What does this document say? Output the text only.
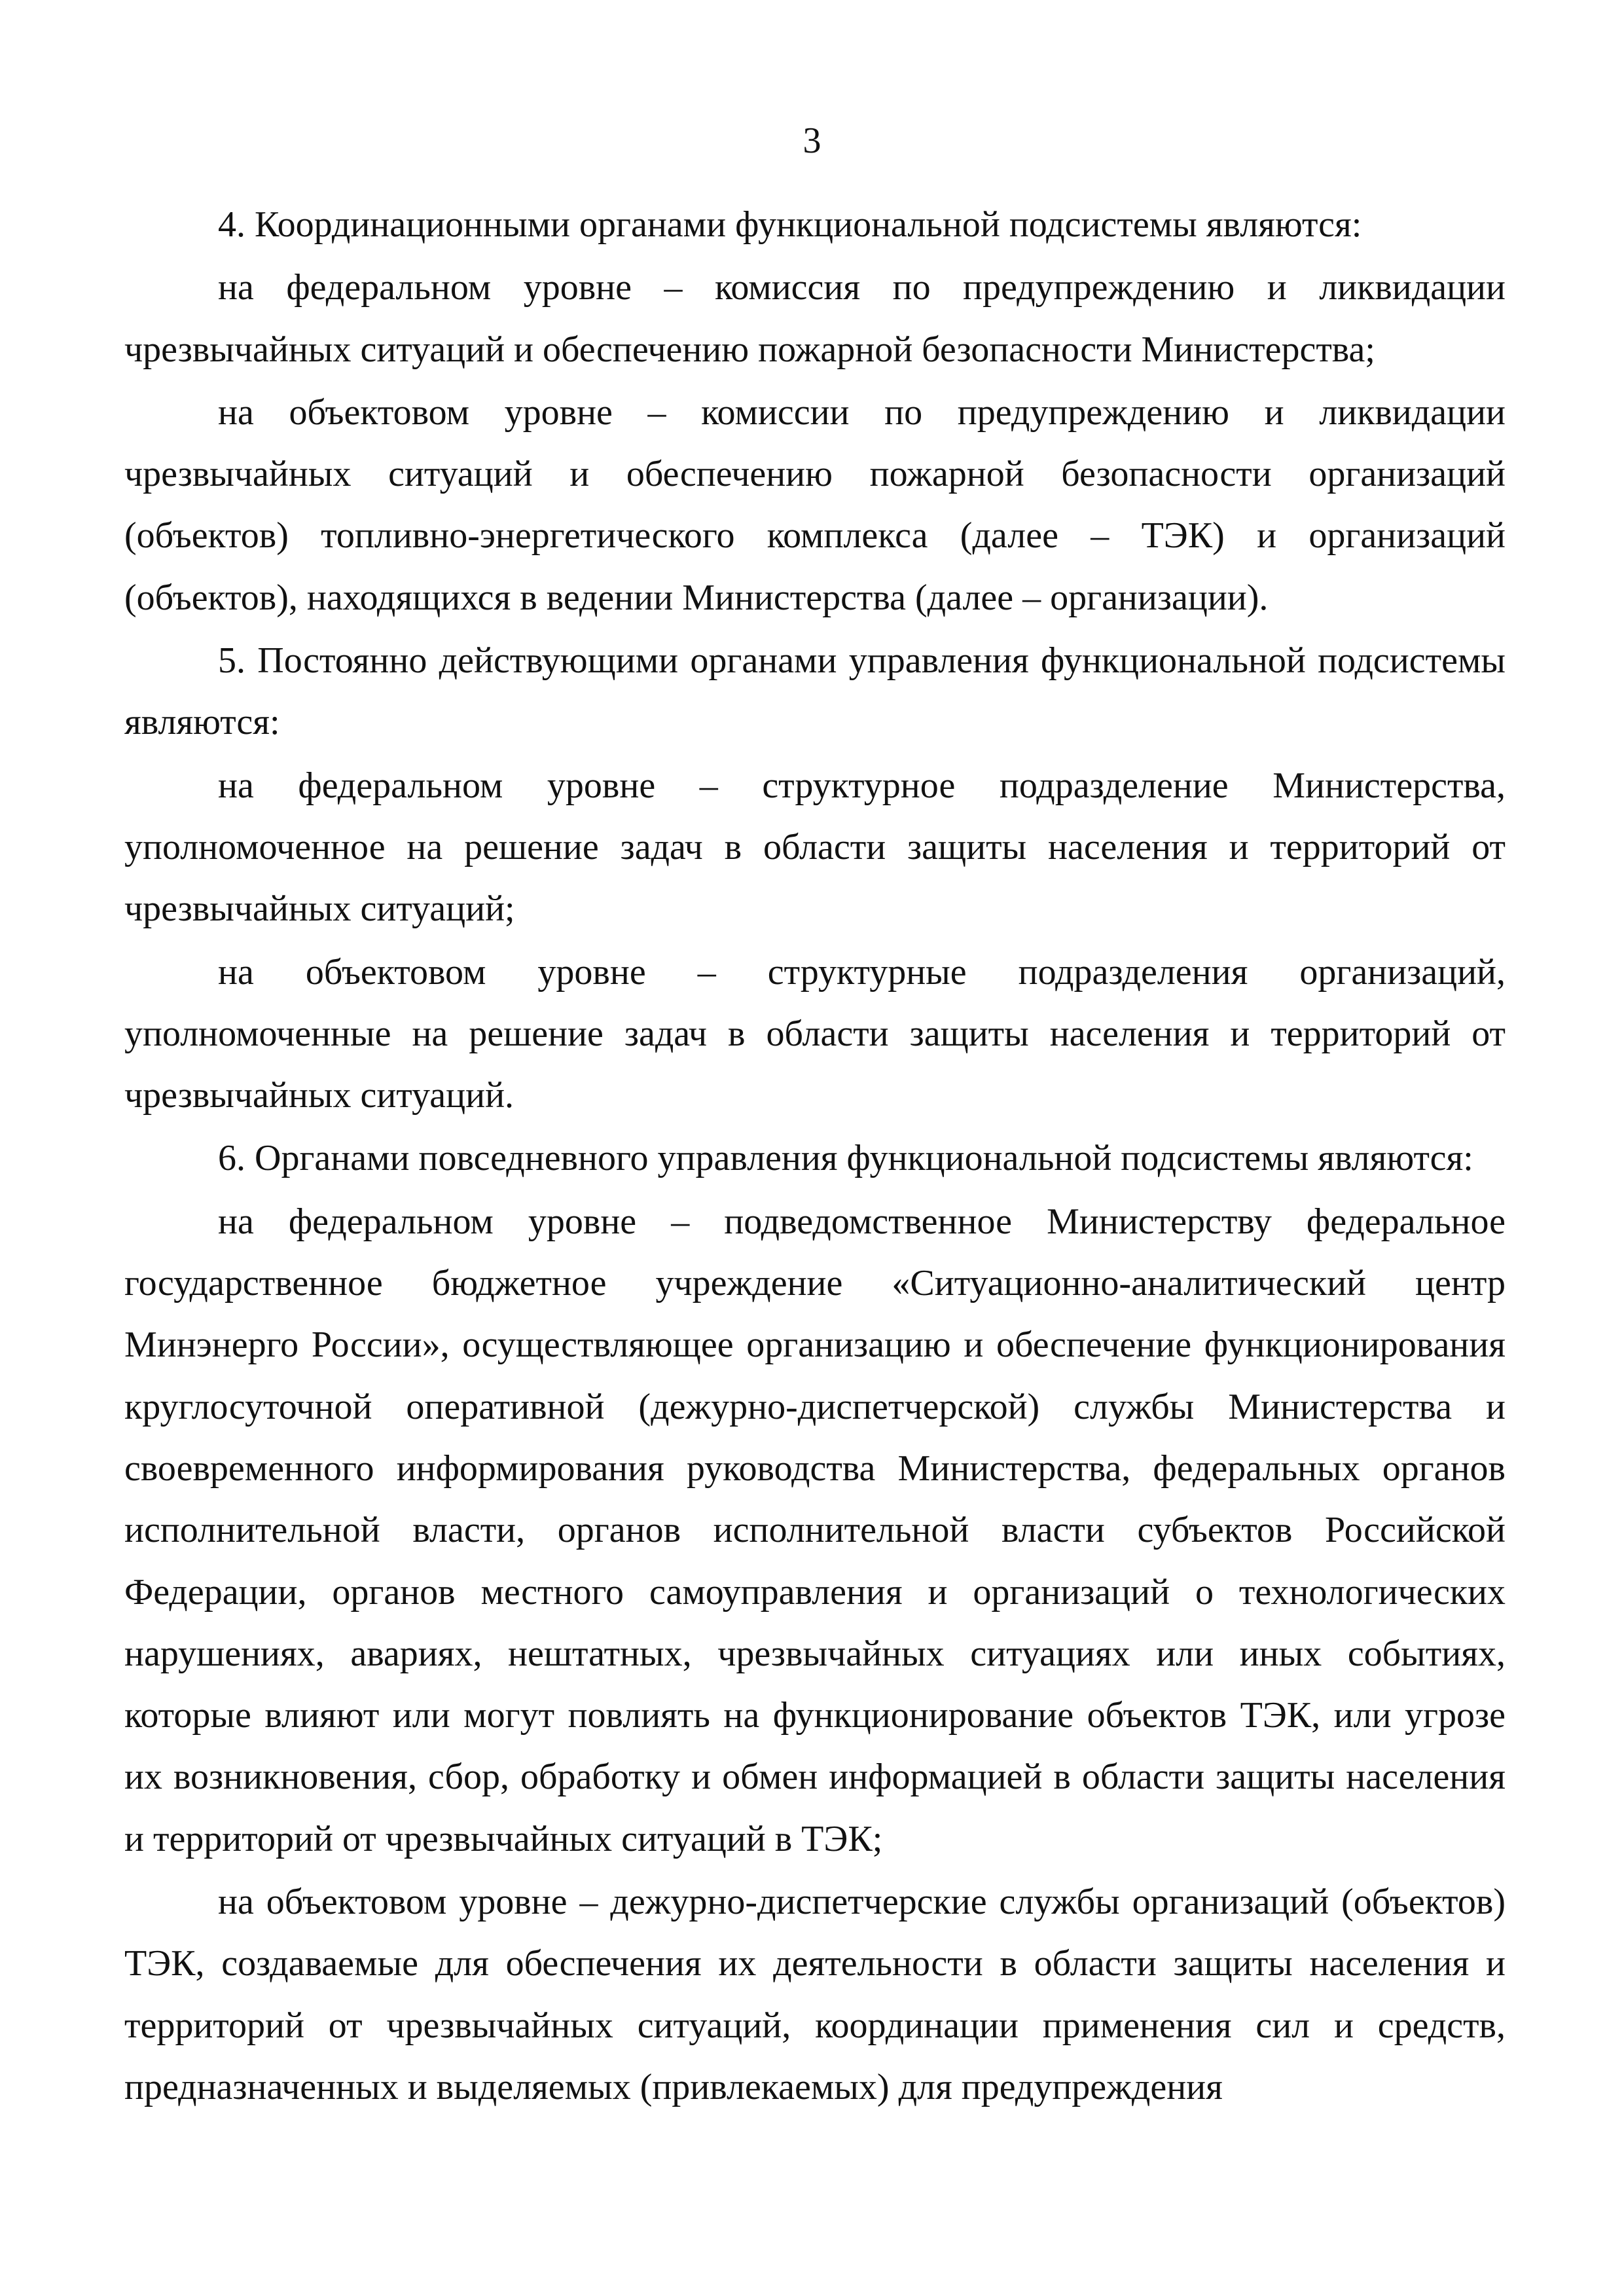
3

4. Координационными органами функциональной подсистемы являются:

на федеральном уровне – комиссия по предупреждению и ликвидации чрезвычайных ситуаций и обеспечению пожарной безопасности Министерства;

на объектовом уровне – комиссии по предупреждению и ликвидации чрезвычайных ситуаций и обеспечению пожарной безопасности организаций (объектов) топливно-энергетического комплекса (далее – ТЭК) и организаций (объектов), находящихся в ведении Министерства (далее – организации).

5. Постоянно действующими органами управления функциональной подсистемы являются:

на федеральном уровне – структурное подразделение Министерства, уполномоченное на решение задач в области защиты населения и территорий от чрезвычайных ситуаций;

на объектовом уровне – структурные подразделения организаций, уполномоченные на решение задач в области защиты населения и территорий от чрезвычайных ситуаций.

6. Органами повседневного управления функциональной подсистемы являются:

на федеральном уровне – подведомственное Министерству федеральное государственное бюджетное учреждение «Ситуационно-аналитический центр Минэнерго России», осуществляющее организацию и обеспечение функционирования круглосуточной оперативной (дежурно-диспетчерской) службы Министерства и своевременного информирования руководства Министерства, федеральных органов исполнительной власти, органов исполнительной власти субъектов Российской Федерации, органов местного самоуправления и организаций о технологических нарушениях, авариях, нештатных, чрезвычайных ситуациях или иных событиях, которые влияют или могут повлиять на функционирование объектов ТЭК, или угрозе их возникновения, сбор, обработку и обмен информацией в области защиты населения и территорий от чрезвычайных ситуаций в ТЭК;

на объектовом уровне – дежурно-диспетчерские службы организаций (объектов) ТЭК, создаваемые для обеспечения их деятельности в области защиты населения и территорий от чрезвычайных ситуаций, координации применения сил и средств, предназначенных и выделяемых (привлекаемых) для предупреждения
